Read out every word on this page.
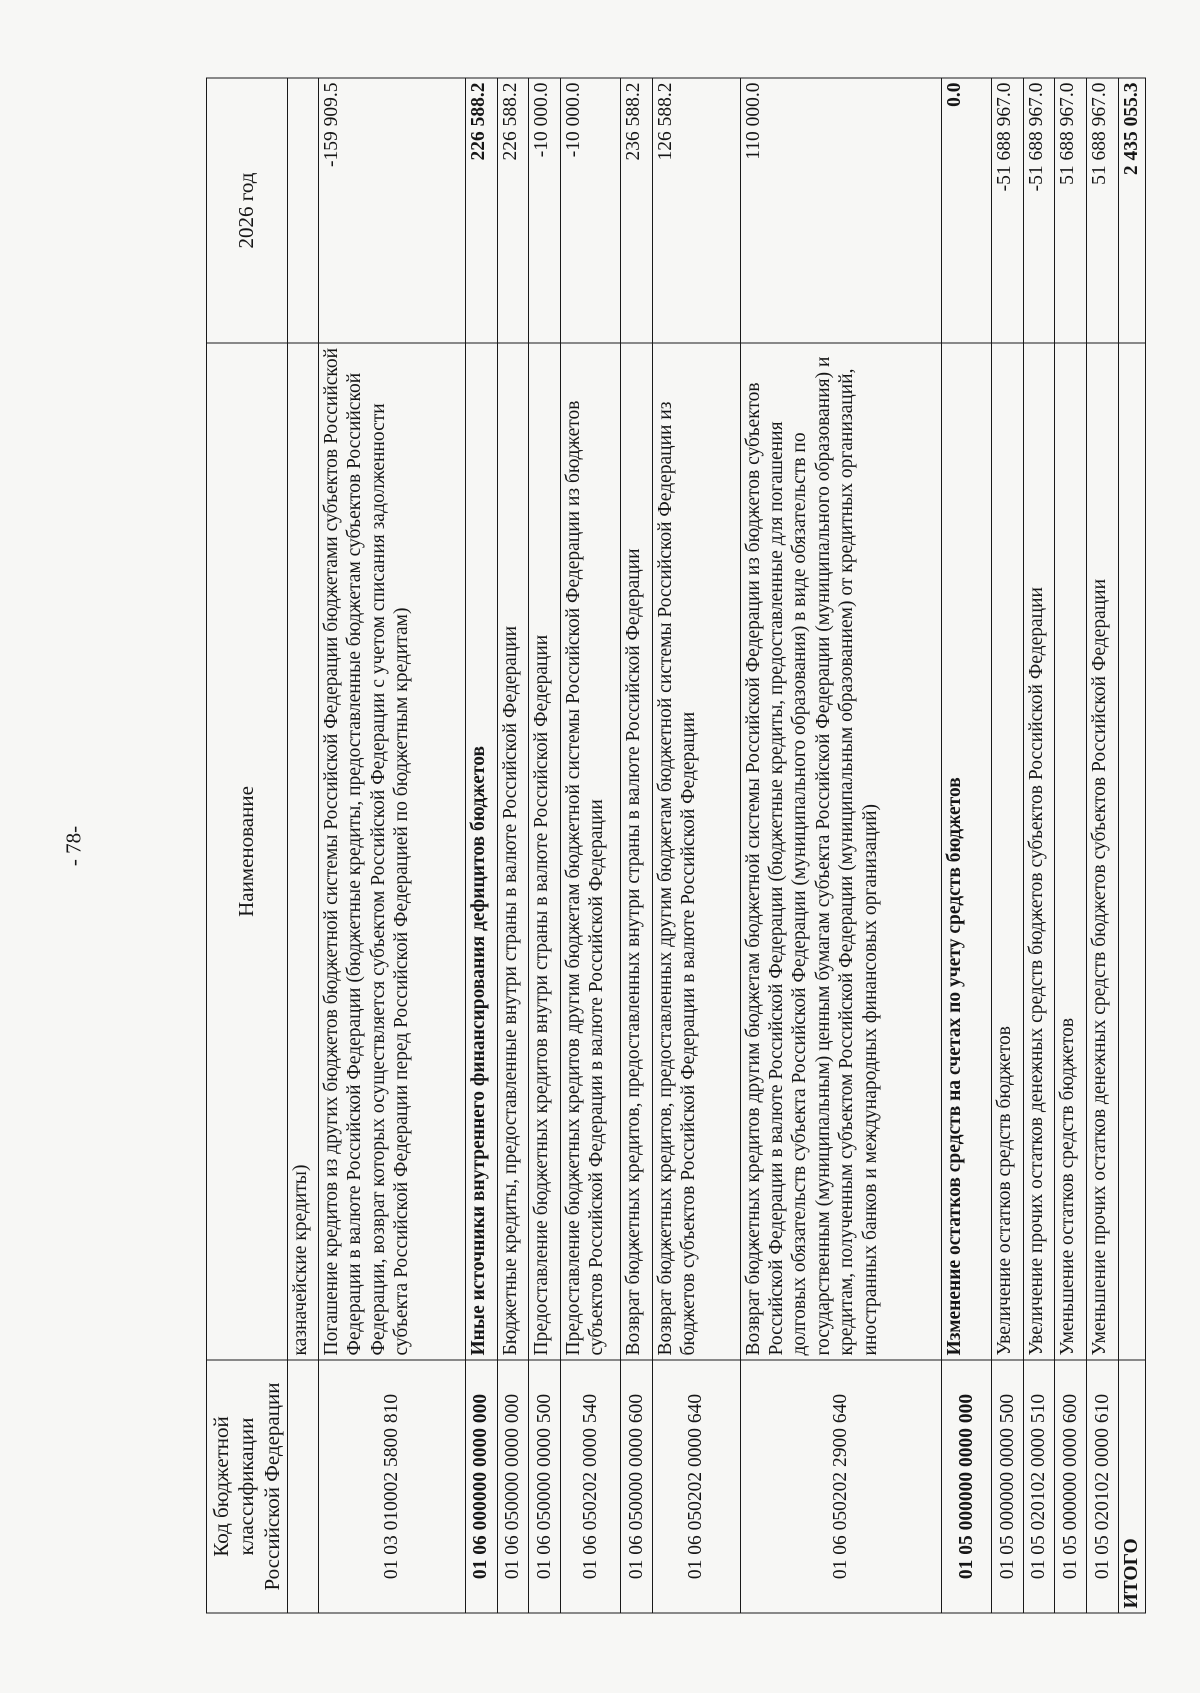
- 78-
Код бюджетной классификации Российской Федерации	Наименование	2026 год
	казначейские кредиты)	
01 03 010002 5800 810	Погашение кредитов из других бюджетов бюджетной системы Российской Федерации бюджетами субъектов Российской Федерации в валюте Российской Федерации (бюджетные кредиты, предоставленные бюджетам субъектов Российской Федерации, возврат которых осуществляется субъектом Российской Федерации с учетом списания задолженности субъекта Российской Федерации перед Российской Федерацией по бюджетным кредитам)	-159 909.5
01 06 000000 0000 000	Иные источники внутреннего финансирования дефицитов бюджетов	226 588.2
01 06 050000 0000 000	Бюджетные кредиты, предоставленные внутри страны в валюте Российской Федерации	226 588.2
01 06 050000 0000 500	Предоставление бюджетных кредитов внутри страны в валюте Российской Федерации	-10 000.0
01 06 050202 0000 540	Предоставление бюджетных кредитов другим бюджетам бюджетной системы Российской Федерации из бюджетов субъектов Российской Федерации в валюте Российской Федерации	-10 000.0
01 06 050000 0000 600	Возврат бюджетных кредитов, предоставленных внутри страны в валюте Российской Федерации	236 588.2
01 06 050202 0000 640	Возврат бюджетных кредитов, предоставленных другим бюджетам бюджетной системы Российской Федерации из бюджетов субъектов Российской Федерации в валюте Российской Федерации	126 588.2
01 06 050202 2900 640	Возврат бюджетных кредитов другим бюджетам бюджетной системы Российской Федерации из бюджетов субъектов Российской Федерации в валюте Российской Федерации (бюджетные кредиты, предоставленные для погашения долговых обязательств субъекта Российской Федерации (муниципального образования) в виде обязательств по государственным (муниципальным) ценным бумагам субъекта Российской Федерации (муниципального образования) и кредитам, полученным субъектом Российской Федерации (муниципальным образованием) от кредитных организаций, иностранных банков и международных финансовых организаций)	110 000.0
01 05 000000 0000 000	Изменение остатков средств на счетах по учету средств бюджетов	0.0
01 05 000000 0000 500	Увеличение остатков средств бюджетов	-51 688 967.0
01 05 020102 0000 510	Увеличение прочих остатков денежных средств бюджетов субъектов Российской Федерации	-51 688 967.0
01 05 000000 0000 600	Уменьшение остатков средств бюджетов	51 688 967.0
01 05 020102 0000 610	Уменьшение прочих остатков денежных средств бюджетов субъектов Российской Федерации	51 688 967.0
ИТОГО		2 435 055.3
